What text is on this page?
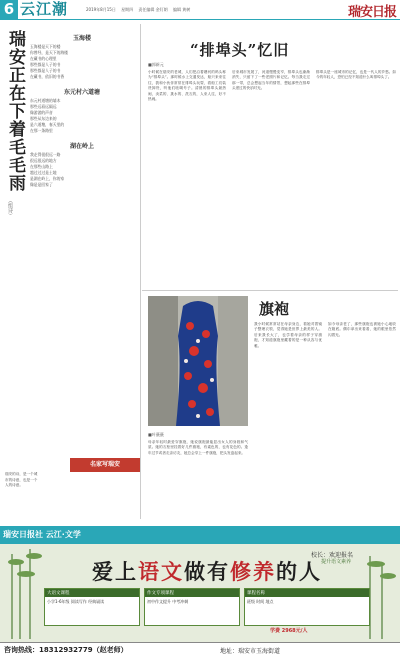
6 云江潮	2019年8月15日 星期四 责任编辑 金钉朗 编辑 黄树	瑞安日报
瑞安正在下着毛毛雨
（组诗）
玉海楼
玉海楼是天下的楼
你曾经，是天下的海楼
在藏书的心理里
那些都是人子的书
那些都是人子的书
在藏书，依旧的书香
东元村六道塘
东元村道塘的墙木
那些远看远隔远
像游游的声音
那些从东边来的
是六道塘，春天里的
在那一条路里
湖在岭上
我走得很很远一路
很远很远的地方
在那些山路上
越过过过是土地
是湖在岭上，你的家
像是是回家了
瑞安的诗，是一个城市的诗意，也是一个人的诗意。
名家写瑞安
“排埠头”忆旧
■郭新元
小时候在瑞安的老城，人们把沿着塘河的码头称为“排埠头”。那时候水上交通发达，船只来来往往，我和小伙伴常常在排埠头玩耍，看船工们装货卸货，听他们吆喝号子。清晨的排埠头最热闹，卖菜的、挑水的、洗衣的，人来人往，好不热闹。
后来城市发展了，河道慢慢变窄，排埠头也渐渐消失，只留下了一些老照片和记忆。每当我走过那一带，总会想起当年的情景，想起那些在排埠头度过的快乐时光。
排埠头是一座城市的记忆，也是一代人的乡愁。如今的年轻人，恐怕已经不知道什么叫排埠头了。
旗袍
■叶薇薇
母亲年轻时最爱穿旗袍，她说旗袍最能显出女人的身段和气质。她的衣柜里挂着好几件旗袍，有素色的，也有花色的。逢年过节或者走亲访友，她总会穿上一件旗袍，把头发盘起来。
我小时候常常站在母亲身边，看她对着镜子整理衣领，觉得她是世界上最美的人。后来我长大了，也学着母亲的样子穿旗袍，才知道旗袍里藏着的是一种从容与优雅。
如今母亲老了，那些旗袍也被她小心地收在箱底。偶尔拿出来看看，她的眼里依然闪着光。
瑞安日报社 云江·文学
爱上语文做有修养的人
校长：欢迎报名
提升语文素养
大语文课程
小学1-6年级 阅读写作 经典诵读
作文专项课程
初中作文提升 中考冲刺
课程名称
班级 时间 地点
学费 2968元/人
咨询热线：18312932779（赵老师）	地址：瑞安市玉海街道
